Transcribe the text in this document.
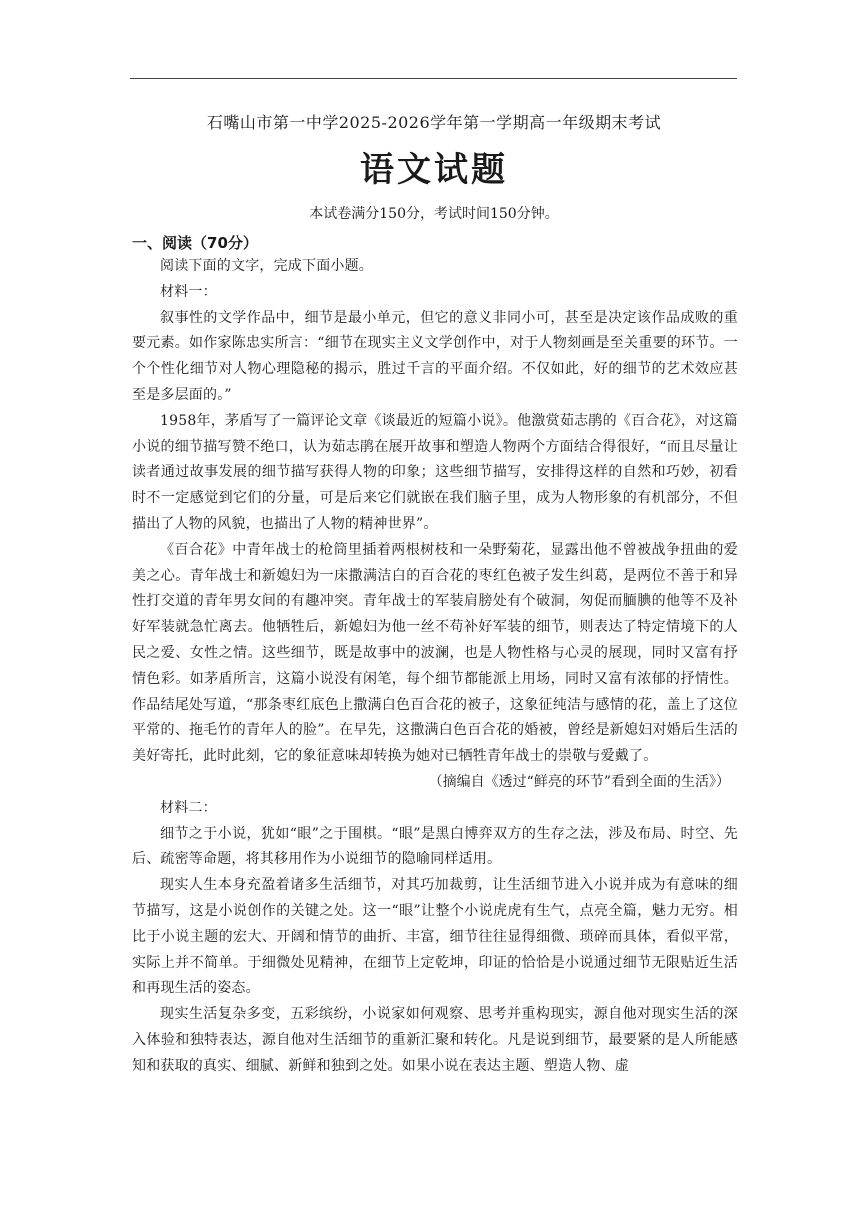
石嘴山市第一中学2025-2026学年第一学期高一年级期末考试
语文试题
本试卷满分150分，考试时间150分钟。
一、阅读（70分）

阅读下面的文字，完成下面小题。

材料一：

叙事性的文学作品中，细节是最小单元，但它的意义非同小可，甚至是决定该作品成败的重要元素。如作家陈忠实所言：“细节在现实主义文学创作中，对于人物刻画是至关重要的环节。一个个性化细节对人物心理隐秘的揭示，胜过千言的平面介绍。不仅如此，好的细节的艺术效应甚至是多层面的。”

1958年，茅盾写了一篇评论文章《谈最近的短篇小说》。他激赏茹志鹃的《百合花》，对这篇小说的细节描写赞不绝口，认为茹志鹃在展开故事和塑造人物两个方面结合得很好，“而且尽量让读者通过故事发展的细节描写获得人物的印象；这些细节描写，安排得这样的自然和巧妙，初看时不一定感觉到它们的分量，可是后来它们就嵌在我们脑子里，成为人物形象的有机部分，不但描出了人物的风貌，也描出了人物的精神世界”。

《百合花》中青年战士的枪筒里插着两根树枝和一朵野菊花，显露出他不曾被战争扭曲的爱美之心。青年战士和新媳妇为一床撒满洁白的百合花的枣红色被子发生纠葛，是两位不善于和异性打交道的青年男女间的有趣冲突。青年战士的军装肩膀处有个破洞，匆促而腼腆的他等不及补好军装就急忙离去。他牺牲后，新媳妇为他一丝不苟补好军装的细节，则表达了特定情境下的人民之爱、女性之情。这些细节，既是故事中的波澜，也是人物性格与心灵的展现，同时又富有抒情色彩。如茅盾所言，这篇小说没有闲笔，每个细节都能派上用场，同时又富有浓郁的抒情性。作品结尾处写道，“那条枣红底色上撒满白色百合花的被子，这象征纯洁与感情的花，盖上了这位平常的、拖毛竹的青年人的脸”。在早先，这撒满白色百合花的婚被，曾经是新媳妇对婚后生活的美好寄托，此时此刻，它的象征意味却转换为她对已牺牲青年战士的崇敬与爱戴了。

（摘编自《透过“鲜亮的环节”看到全面的生活》）

材料二：

细节之于小说，犹如“眼”之于围棋。“眼”是黑白博弈双方的生存之法，涉及布局、时空、先后、疏密等命题，将其移用作为小说细节的隐喻同样适用。

现实人生本身充盈着诸多生活细节，对其巧加裁剪，让生活细节进入小说并成为有意味的细节描写，这是小说创作的关键之处。这一“眼”让整个小说虎虎有生气，点亮全篇，魅力无穷。相比于小说主题的宏大、开阔和情节的曲折、丰富，细节往往显得细微、琐碎而具体，看似平常，实际上并不简单。于细微处见精神，在细节上定乾坤，印证的恰恰是小说通过细节无限贴近生活和再现生活的姿态。

现实生活复杂多变，五彩缤纷，小说家如何观察、思考并重构现实，源自他对现实生活的深入体验和独特表达，源自他对生活细节的重新汇聚和转化。凡是说到细节，最要紧的是人所能感知和获取的真实、细腻、新鲜和独到之处。如果小说在表达主题、塑造人物、虚
